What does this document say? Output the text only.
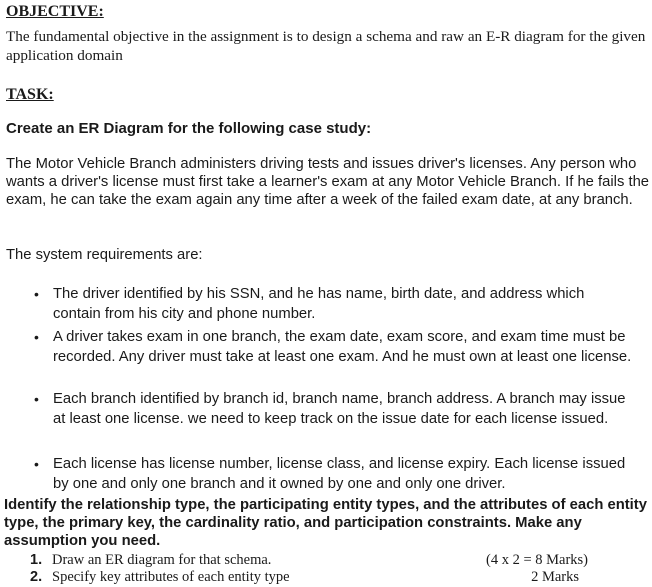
OBJECTIVE:

The fundamental objective in the assignment is to design a schema and raw an E-R diagram for the given application domain

TASK:

Create an ER Diagram for the following case study:

The Motor Vehicle Branch administers driving tests and issues driver's licenses. Any person who wants a driver's license must first take a learner's exam at any Motor Vehicle Branch. If he fails the exam, he can take the exam again any time after a week of the failed exam date, at any branch.

The system requirements are:

• The driver identified by his SSN, and he has name, birth date, and address which contain from his city and phone number.
• A driver takes exam in one branch, the exam date, exam score, and exam time must be recorded. Any driver must take at least one exam. And he must own at least one license.
• Each branch identified by branch id, branch name, branch address. A branch may issue at least one license. we need to keep track on the issue date for each license issued.
• Each license has license number, license class, and license expiry. Each license issued by one and only one branch and it owned by one and only one driver.

Identify the relationship type, the participating entity types, and the attributes of each entity type, the primary key, the cardinality ratio, and participation constraints. Make any assumption you need.

1. Draw an ER diagram for that schema.	(4 x 2 = 8 Marks)
2. Specify key attributes of each entity type	2 Marks
